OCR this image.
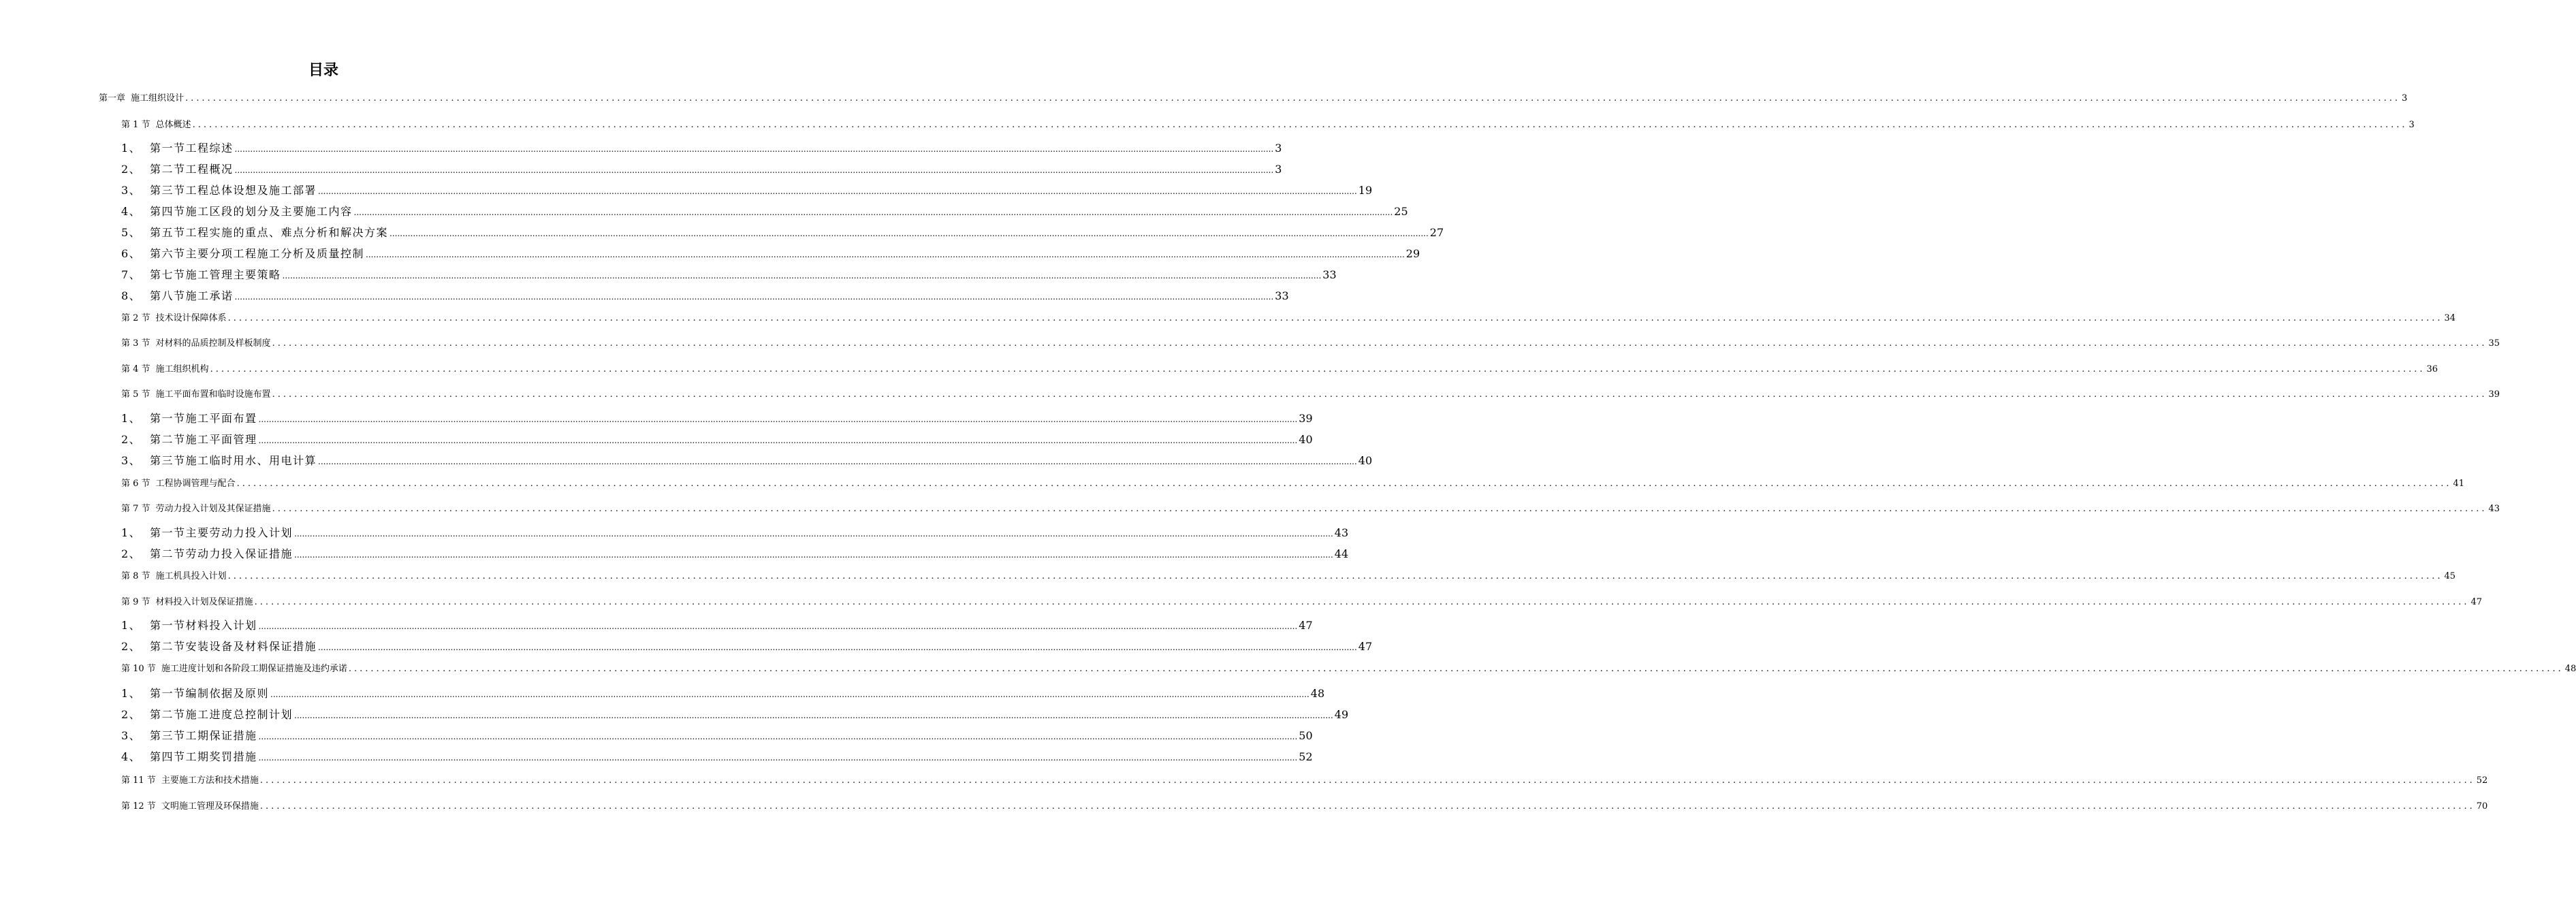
目录
第一章 施工组织设计 ................................................................................................................................................................................................................................................................................................................................................................................................................ 3
第 1 节 总体概述 ................................................................................................................................................................................................................................................................................................................................................................................................................ 3
1、 第一节工程综述 ................................................................................................................................................................................................................................................................................................................................................................................................................ 3
2、 第二节工程概况 ................................................................................................................................................................................................................................................................................................................................................................................................................ 3
3、 第三节工程总体设想及施工部署 ................................................................................................................................................................................................................................................................................................................................................................................................................ 19
4、 第四节施工区段的划分及主要施工内容 ................................................................................................................................................................................................................................................................................................................................................................................................................ 25
5、 第五节工程实施的重点、难点分析和解决方案 ................................................................................................................................................................................................................................................................................................................................................................................................................ 27
6、 第六节主要分项工程施工分析及质量控制 ................................................................................................................................................................................................................................................................................................................................................................................................................ 29
7、 第七节施工管理主要策略 ................................................................................................................................................................................................................................................................................................................................................................................................................ 33
8、 第八节施工承诺 ................................................................................................................................................................................................................................................................................................................................................................................................................ 33
第 2 节 技术设计保障体系 ................................................................................................................................................................................................................................................................................................................................................................................................................ 34
第 3 节 对材料的品质控制及样板制度 ................................................................................................................................................................................................................................................................................................................................................................................................................ 35
第 4 节 施工组织机构 ................................................................................................................................................................................................................................................................................................................................................................................................................ 36
第 5 节 施工平面布置和临时设施布置 ................................................................................................................................................................................................................................................................................................................................................................................................................ 39
1、 第一节施工平面布置 ................................................................................................................................................................................................................................................................................................................................................................................................................ 39
2、 第二节施工平面管理 ................................................................................................................................................................................................................................................................................................................................................................................................................ 40
3、 第三节施工临时用水、用电计算 ................................................................................................................................................................................................................................................................................................................................................................................................................ 40
第 6 节 工程协调管理与配合 ................................................................................................................................................................................................................................................................................................................................................................................................................ 41
第 7 节 劳动力投入计划及其保证措施 ................................................................................................................................................................................................................................................................................................................................................................................................................ 43
1、 第一节主要劳动力投入计划 ................................................................................................................................................................................................................................................................................................................................................................................................................ 43
2、 第二节劳动力投入保证措施 ................................................................................................................................................................................................................................................................................................................................................................................................................ 44
第 8 节 施工机具投入计划 ................................................................................................................................................................................................................................................................................................................................................................................................................ 45
第 9 节 材料投入计划及保证措施 ................................................................................................................................................................................................................................................................................................................................................................................................................ 47
1、 第一节材料投入计划 ................................................................................................................................................................................................................................................................................................................................................................................................................ 47
2、 第二节安装设备及材料保证措施 ................................................................................................................................................................................................................................................................................................................................................................................................................ 47
第 10 节 施工进度计划和各阶段工期保证措施及违约承诺 ................................................................................................................................................................................................................................................................................................................................................................................................................ 48
1、 第一节编制依据及原则 ................................................................................................................................................................................................................................................................................................................................................................................................................ 48
2、 第二节施工进度总控制计划 ................................................................................................................................................................................................................................................................................................................................................................................................................ 49
3、 第三节工期保证措施 ................................................................................................................................................................................................................................................................................................................................................................................................................ 50
4、 第四节工期奖罚措施 ................................................................................................................................................................................................................................................................................................................................................................................................................ 52
第 11 节 主要施工方法和技术措施 ................................................................................................................................................................................................................................................................................................................................................................................................................ 52
第 12 节 文明施工管理及环保措施 ................................................................................................................................................................................................................................................................................................................................................................................................................ 70
